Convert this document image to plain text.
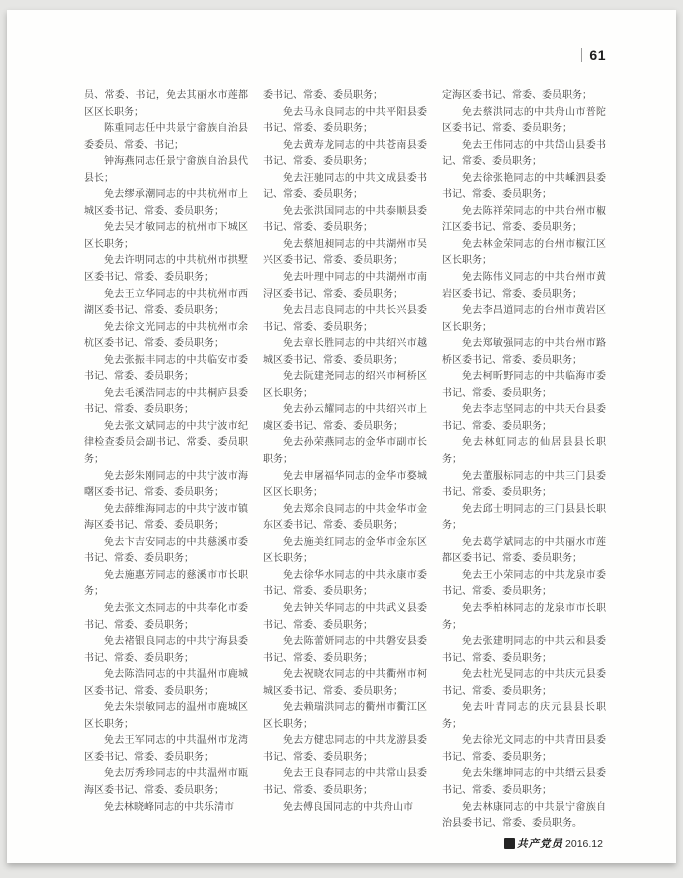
61

员、常委、书记，免去其丽水市莲都区区长职务；

陈重同志任中共景宁畲族自治县委委员、常委、书记；

钟海燕同志任景宁畲族自治县代县长；

免去缪承潮同志的中共杭州市上城区委书记、常委、委员职务；

免去吴才敏同志的杭州市下城区区长职务；

免去许明同志的中共杭州市拱墅区委书记、常委、委员职务；

免去王立华同志的中共杭州市西湖区委书记、常委、委员职务；

免去徐文光同志的中共杭州市余杭区委书记、常委、委员职务；

免去张振丰同志的中共临安市委书记、常委、委员职务；

免去毛溪浩同志的中共桐庐县委书记、常委、委员职务；

免去张文斌同志的中共宁波市纪律检查委员会副书记、常委、委员职务；

免去彭朱刚同志的中共宁波市海曙区委书记、常委、委员职务；

免去薛维海同志的中共宁波市镇海区委书记、常委、委员职务；

免去卞吉安同志的中共慈溪市委书记、常委、委员职务；

免去施惠芳同志的慈溪市市长职务；

免去张文杰同志的中共奉化市委书记、常委、委员职务；

免去褚银良同志的中共宁海县委书记、常委、委员职务；

免去陈浩同志的中共温州市鹿城区委书记、常委、委员职务；

免去朱崇敏同志的温州市鹿城区区长职务；

免去王军同志的中共温州市龙湾区委书记、常委、委员职务；

免去厉秀珍同志的中共温州市瓯海区委书记、常委、委员职务；

免去林晓峰同志的中共乐清市

委书记、常委、委员职务；

免去马永良同志的中共平阳县委书记、常委、委员职务；

免去黄寿龙同志的中共苍南县委书记、常委、委员职务；

免去汪驰同志的中共文成县委书记、常委、委员职务；

免去张洪国同志的中共泰顺县委书记、常委、委员职务；

免去蔡旭昶同志的中共湖州市吴兴区委书记、常委、委员职务；

免去叶理中同志的中共湖州市南浔区委书记、常委、委员职务；

免去吕志良同志的中共长兴县委书记、常委、委员职务；

免去章长胜同志的中共绍兴市越城区委书记、常委、委员职务；

免去阮建尧同志的绍兴市柯桥区区长职务；

免去孙云耀同志的中共绍兴市上虞区委书记、常委、委员职务；

免去孙荣燕同志的金华市副市长职务；

免去申屠福华同志的金华市婺城区区长职务；

免去郑余良同志的中共金华市金东区委书记、常委、委员职务；

免去施美红同志的金华市金东区区长职务；

免去徐华水同志的中共永康市委书记、常委、委员职务；

免去钟关华同志的中共武义县委书记、常委、委员职务；

免去陈蕾妍同志的中共磐安县委书记、常委、委员职务；

免去祝晓农同志的中共衢州市柯城区委书记、常委、委员职务；

免去赖瑞洪同志的衢州市衢江区区长职务；

免去方健忠同志的中共龙游县委书记、常委、委员职务；

免去王良春同志的中共常山县委书记、常委、委员职务；

免去傅良国同志的中共舟山市

定海区委书记、常委、委员职务；

免去蔡洪同志的中共舟山市普陀区委书记、常委、委员职务；

免去王伟同志的中共岱山县委书记、常委、委员职务；

免去徐张艳同志的中共嵊泗县委书记、常委、委员职务；

免去陈祥荣同志的中共台州市椒江区委书记、常委、委员职务；

免去林金荣同志的台州市椒江区区长职务；

免去陈伟义同志的中共台州市黄岩区委书记、常委、委员职务；

免去李昌道同志的台州市黄岩区区长职务；

免去郑敏强同志的中共台州市路桥区委书记、常委、委员职务；

免去柯昕野同志的中共临海市委书记、常委、委员职务；

免去李志坚同志的中共天台县委书记、常委、委员职务；

免去林虹同志的仙居县县长职务；

免去董服标同志的中共三门县委书记、常委、委员职务；

免去邱士明同志的三门县县长职务；

免去葛学斌同志的中共丽水市莲都区委书记、常委、委员职务；

免去王小荣同志的中共龙泉市委书记、常委、委员职务；

免去季柏林同志的龙泉市市长职务；

免去张建明同志的中共云和县委书记、常委、委员职务；

免去杜光旻同志的中共庆元县委书记、常委、委员职务；

免去叶青同志的庆元县县长职务；

免去徐光文同志的中共青田县委书记、常委、委员职务；

免去朱继坤同志的中共缙云县委书记、常委、委员职务；

免去林康同志的中共景宁畲族自治县委书记、常委、委员职务。

共产党员 2016.12
